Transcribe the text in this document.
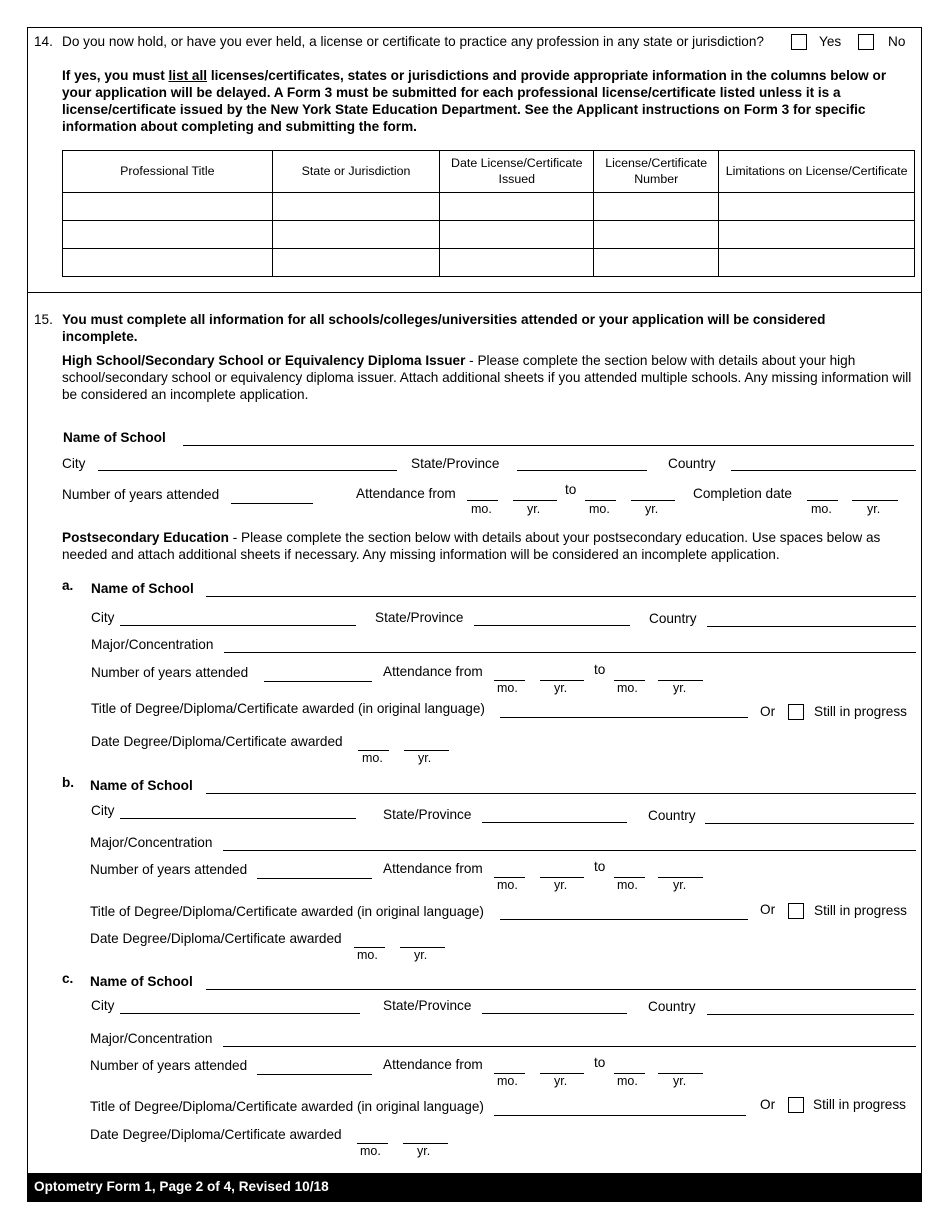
14. Do you now hold, or have you ever held, a license or certificate to practice any profession in any state or jurisdiction?	Yes	No
If yes, you must list all licenses/certificates, states or jurisdictions and provide appropriate information in the columns below or your application will be delayed. A Form 3 must be submitted for each professional license/certificate listed unless it is a license/certificate issued by the New York State Education Department. See the Applicant instructions on Form 3 for specific information about completing and submitting the form.
Professional Title	State or Jurisdiction	Date License/Certificate Issued	License/Certificate Number	Limitations on License/Certificate

15. You must complete all information for all schools/colleges/universities attended or your application will be considered incomplete.
High School/Secondary School or Equivalency Diploma Issuer - Please complete the section below with details about your high school/secondary school or equivalency diploma issuer. Attach additional sheets if you attended multiple schools. Any missing information will be considered an incomplete application.
Name of School
City	State/Province	Country
Number of years attended	Attendance from
mo.	yr.
to
mo.	yr.
Completion date
mo.	yr.
Postsecondary Education - Please complete the section below with details about your postsecondary education. Use spaces below as needed and attach additional sheets if necessary. Any missing information will be considered an incomplete application.
a. Name of School
City	State/Province	Country
Major/Concentration
Number of years attended	Attendance from
mo.	yr.
to
mo.	yr.
Title of Degree/Diploma/Certificate awarded (in original language)	Or	Still in progress
Date Degree/Diploma/Certificate awarded
mo.	yr.
b. Name of School
City	State/Province	Country
Major/Concentration
Number of years attended	Attendance from
mo.	yr.
to
mo.	yr.
Title of Degree/Diploma/Certificate awarded (in original language)	Or	Still in progress
Date Degree/Diploma/Certificate awarded
mo.	yr.
c. Name of School
City	State/Province	Country
Major/Concentration
Number of years attended	Attendance from
mo.	yr.
to
mo.	yr.
Title of Degree/Diploma/Certificate awarded (in original language)	Or	Still in progress
Date Degree/Diploma/Certificate awarded
mo.	yr.
Optometry Form 1, Page 2 of 4, Revised 10/18
